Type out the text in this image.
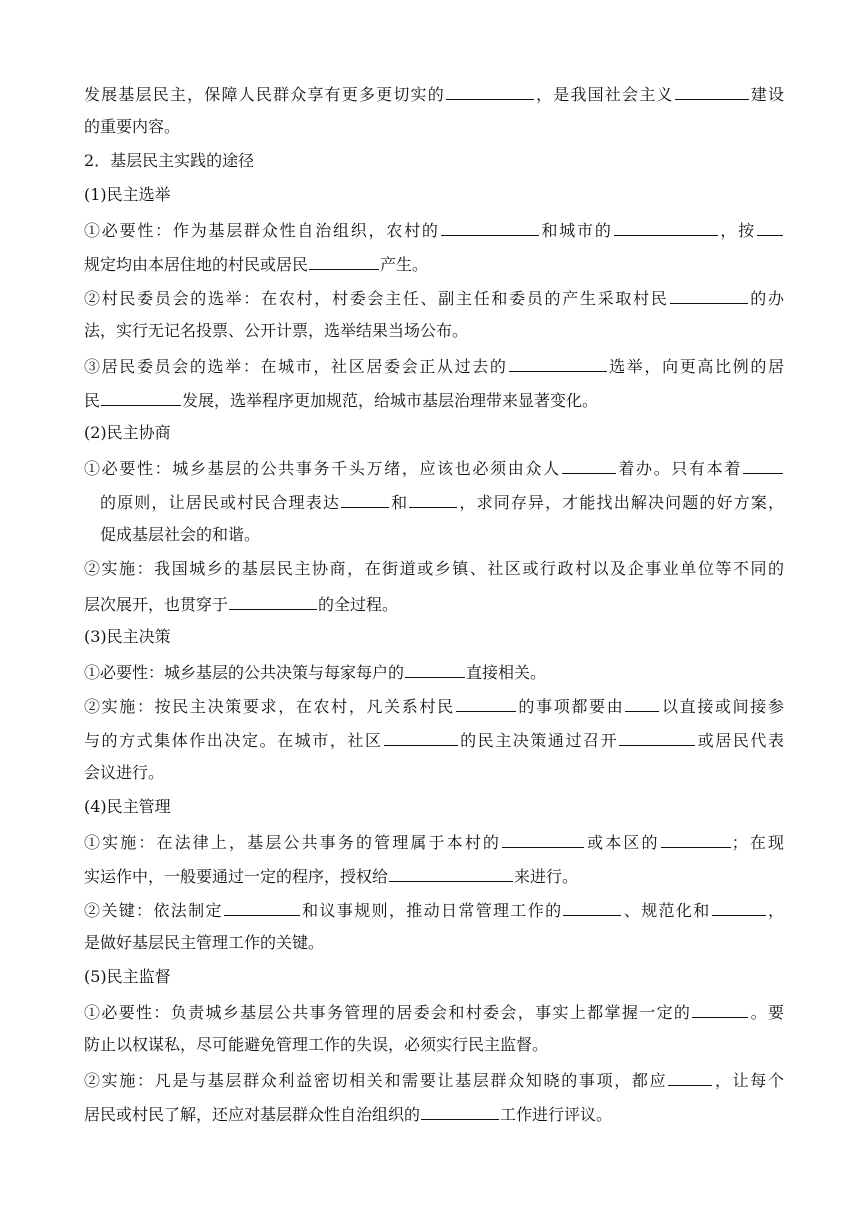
发展基层民主，保障人民群众享有更多更切实的	，是我国社会主义	建设
的重要内容。
2．基层民主实践的途径
(1)民主选举
①必要性：作为基层群众性自治组织，农村的	和城市的	，按
规定均由本居住地的村民或居民	产生。
②村民委员会的选举：在农村，村委会主任、副主任和委员的产生采取村民	的办
法，实行无记名投票、公开计票，选举结果当场公布。
③居民委员会的选举：在城市，社区居委会正从过去的	选举，向更高比例的居
民	发展，选举程序更加规范，给城市基层治理带来显著变化。
(2)民主协商
①必要性：城乡基层的公共事务千头万绪，应该也必须由众人	着办。只有本着
的原则，让居民或村民合理表达	和	，求同存异，才能找出解决问题的好方案，
促成基层社会的和谐。
②实施：我国城乡的基层民主协商，在街道或乡镇、社区或行政村以及企事业单位等不同的
层次展开，也贯穿于	的全过程。
(3)民主决策
①必要性：城乡基层的公共决策与每家每户的	直接相关。
②实施：按民主决策要求，在农村，凡关系村民	的事项都要由 以直接或间接参
与的方式集体作出决定。在城市，社区	的民主决策通过召开	或居民代表
会议进行。
(4)民主管理
①实施：在法律上，基层公共事务的管理属于本村的	或本区的	；在现
实运作中，一般要通过一定的程序，授权给	来进行。
②关键：依法制定	和议事规则，推动日常管理工作的	、规范化和	，
是做好基层民主管理工作的关键。
(5)民主监督
①必要性：负责城乡基层公共事务管理的居委会和村委会，事实上都掌握一定的	。要
防止以权谋私，尽可能避免管理工作的失误，必须实行民主监督。
②实施：凡是与基层群众利益密切相关和需要让基层群众知晓的事项，都应	，让每个
居民或村民了解，还应对基层群众性自治组织的	工作进行评议。
